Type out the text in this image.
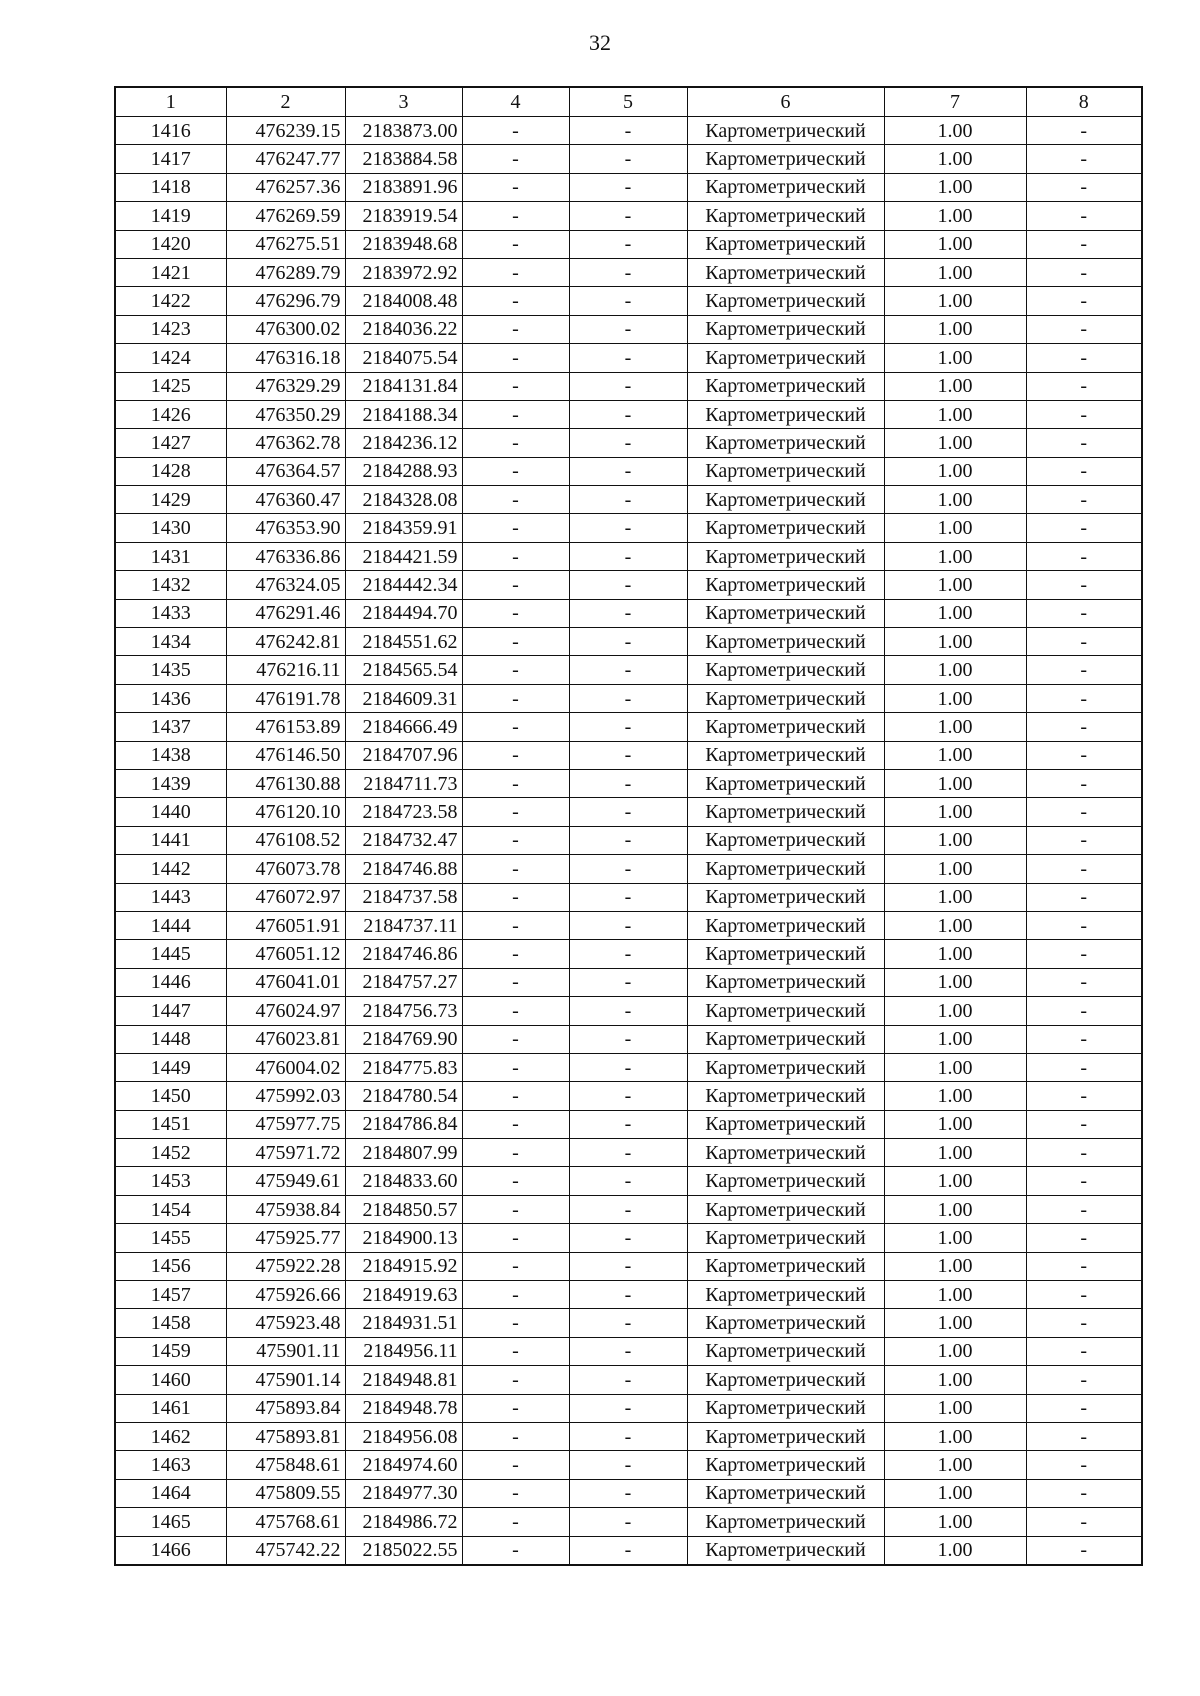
32
1	2	3	4	5	6	7	8
1416	476239.15	2183873.00	-	-	Картометрический	1.00	-
1417	476247.77	2183884.58	-	-	Картометрический	1.00	-
1418	476257.36	2183891.96	-	-	Картометрический	1.00	-
1419	476269.59	2183919.54	-	-	Картометрический	1.00	-
1420	476275.51	2183948.68	-	-	Картометрический	1.00	-
1421	476289.79	2183972.92	-	-	Картометрический	1.00	-
1422	476296.79	2184008.48	-	-	Картометрический	1.00	-
1423	476300.02	2184036.22	-	-	Картометрический	1.00	-
1424	476316.18	2184075.54	-	-	Картометрический	1.00	-
1425	476329.29	2184131.84	-	-	Картометрический	1.00	-
1426	476350.29	2184188.34	-	-	Картометрический	1.00	-
1427	476362.78	2184236.12	-	-	Картометрический	1.00	-
1428	476364.57	2184288.93	-	-	Картометрический	1.00	-
1429	476360.47	2184328.08	-	-	Картометрический	1.00	-
1430	476353.90	2184359.91	-	-	Картометрический	1.00	-
1431	476336.86	2184421.59	-	-	Картометрический	1.00	-
1432	476324.05	2184442.34	-	-	Картометрический	1.00	-
1433	476291.46	2184494.70	-	-	Картометрический	1.00	-
1434	476242.81	2184551.62	-	-	Картометрический	1.00	-
1435	476216.11	2184565.54	-	-	Картометрический	1.00	-
1436	476191.78	2184609.31	-	-	Картометрический	1.00	-
1437	476153.89	2184666.49	-	-	Картометрический	1.00	-
1438	476146.50	2184707.96	-	-	Картометрический	1.00	-
1439	476130.88	2184711.73	-	-	Картометрический	1.00	-
1440	476120.10	2184723.58	-	-	Картометрический	1.00	-
1441	476108.52	2184732.47	-	-	Картометрический	1.00	-
1442	476073.78	2184746.88	-	-	Картометрический	1.00	-
1443	476072.97	2184737.58	-	-	Картометрический	1.00	-
1444	476051.91	2184737.11	-	-	Картометрический	1.00	-
1445	476051.12	2184746.86	-	-	Картометрический	1.00	-
1446	476041.01	2184757.27	-	-	Картометрический	1.00	-
1447	476024.97	2184756.73	-	-	Картометрический	1.00	-
1448	476023.81	2184769.90	-	-	Картометрический	1.00	-
1449	476004.02	2184775.83	-	-	Картометрический	1.00	-
1450	475992.03	2184780.54	-	-	Картометрический	1.00	-
1451	475977.75	2184786.84	-	-	Картометрический	1.00	-
1452	475971.72	2184807.99	-	-	Картометрический	1.00	-
1453	475949.61	2184833.60	-	-	Картометрический	1.00	-
1454	475938.84	2184850.57	-	-	Картометрический	1.00	-
1455	475925.77	2184900.13	-	-	Картометрический	1.00	-
1456	475922.28	2184915.92	-	-	Картометрический	1.00	-
1457	475926.66	2184919.63	-	-	Картометрический	1.00	-
1458	475923.48	2184931.51	-	-	Картометрический	1.00	-
1459	475901.11	2184956.11	-	-	Картометрический	1.00	-
1460	475901.14	2184948.81	-	-	Картометрический	1.00	-
1461	475893.84	2184948.78	-	-	Картометрический	1.00	-
1462	475893.81	2184956.08	-	-	Картометрический	1.00	-
1463	475848.61	2184974.60	-	-	Картометрический	1.00	-
1464	475809.55	2184977.30	-	-	Картометрический	1.00	-
1465	475768.61	2184986.72	-	-	Картометрический	1.00	-
1466	475742.22	2185022.55	-	-	Картометрический	1.00	-
